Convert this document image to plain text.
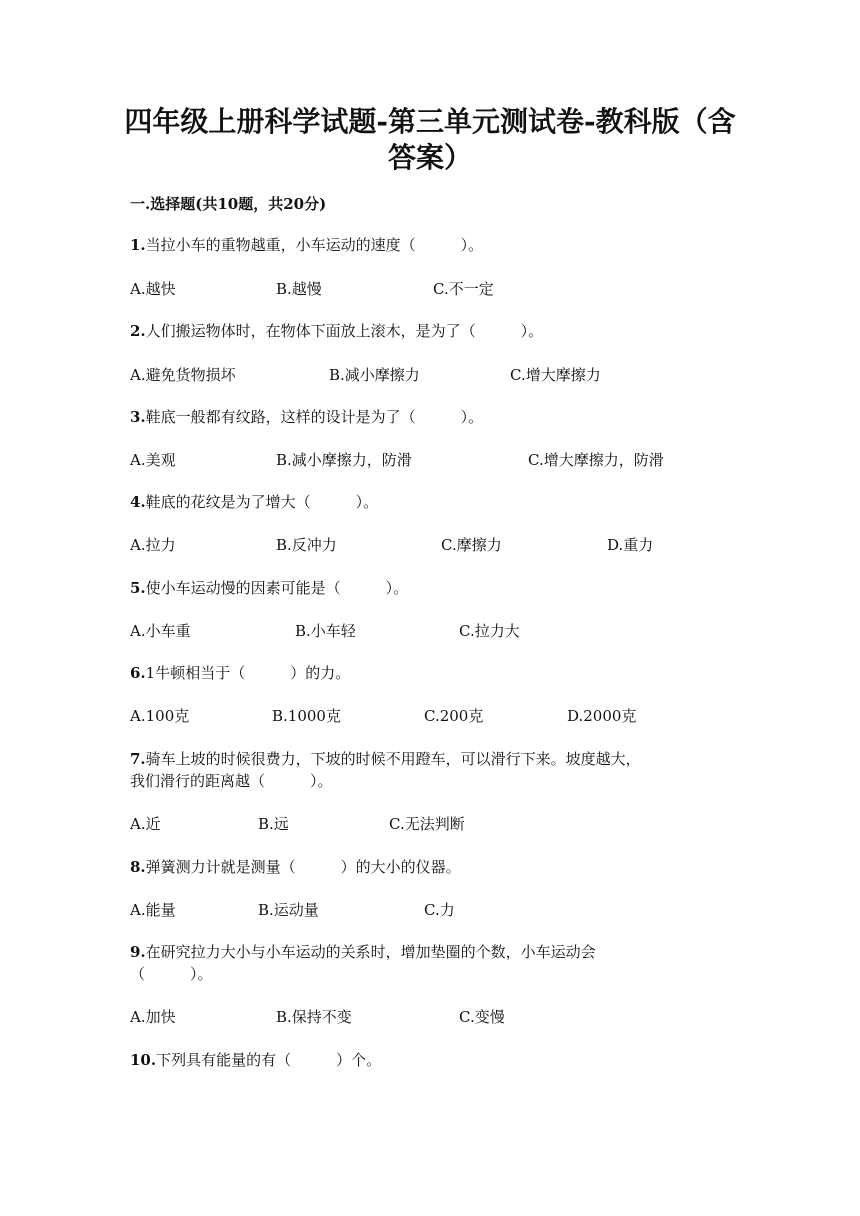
四年级上册科学试题-第三单元测试卷-教科版（含
答案）
一.选择题(共10题，共20分)
1.当拉小车的重物越重，小车运动的速度（　　　）。
A.越快	B.越慢	C.不一定
2.人们搬运物体时，在物体下面放上滚木，是为了（　　　）。
A.避免货物损坏	B.减小摩擦力	C.增大摩擦力
3.鞋底一般都有纹路，这样的设计是为了（　　　）。
A.美观	B.减小摩擦力，防滑	C.增大摩擦力，防滑
4.鞋底的花纹是为了增大（　　　）。
A.拉力	B.反冲力	C.摩擦力	D.重力
5.使小车运动慢的因素可能是（　　　）。
A.小车重	B.小车轻	C.拉力大
6.1牛顿相当于（　　　）的力。
A.100克	B.1000克	C.200克	D.2000克
7.骑车上坡的时候很费力，下坡的时候不用蹬车，可以滑行下来。坡度越大，
我们滑行的距离越（　　　）。
A.近	B.远	C.无法判断
8.弹簧测力计就是测量（　　　）的大小的仪器。
A.能量	B.运动量	C.力
9.在研究拉力大小与小车运动的关系时，增加垫圈的个数，小车运动会
（　　　）。
A.加快	B.保持不变	C.变慢
10.下列具有能量的有（　　　）个。
